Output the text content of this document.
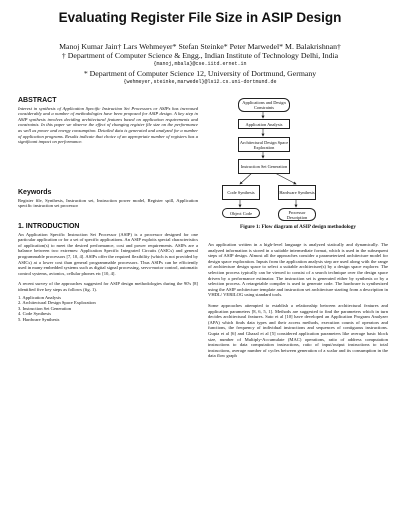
Evaluating Register File Size in ASIP Design
Manoj Kumar Jain† Lars Wehmeyer* Stefan Steinke* Peter Marwedel* M. Balakrishnan†
† Department of Computer Science & Engg., Indian Institute of Technology Delhi, India
{manoj,mbala}@cse.iitd.ernet.in
* Department of Computer Science 12, University of Dortmund, Germany
{wehmeyer,steinke,marwedel}@ls12.cs.uni-dortmund.de
ABSTRACT

Interest in synthesis of Application Specific Instruction Set Processors or ASIPs has increased considerably and a number of methodologies have been proposed for ASIP design. A key step in ASIP synthesis involves deciding architectural features based on application requirements and constraints. In this paper we observe the effect of changing register file size on the performance as well as power and energy consumption. Detailed data is generated and analyzed for a number of application programs. Results indicate that choice of an appropriate number of registers has a significant impact on performance.

Keywords

Register file, Synthesis, Instruction set, Instruction power model, Register spill, Application specific instruction set processor

1. INTRODUCTION

An Application Specific Instruction Set Processor (ASIP) is a processor designed for one particular application or for a set of specific applications. An ASIP exploits special characteristics of application(s) to meet the desired performance, cost and power requirements. ASIPs are a balance between two extremes: Application Specific Integrated Circuits (ASICs) and general programmable processors [7, 10, 4]. ASIPs offer the required flexibility (which is not provided by ASICs) at a lower cost than general programmable processors. Thus ASIPs can be efficiently used in many embedded systems such as digital signal processing, servo-motor control, automatic control systems, avionics, cellular phones etc [10, 4].

A recent survey of the approaches suggested for ASIP design methodologies during the 90's [8] identified five key steps as follows (fig. 1).

1. Application Analysis
2. Architectural Design Space Exploration
3. Instruction Set Generation
4. Code Synthesis
5. Hardware Synthesis
Applications and Design Constraints
Application Analysis
Architectural Design Space Exploration
Instruction Set Generation
Code Synthesis	Hardware Synthesis
Object Code	Processor Description
Figure 1: Flow diagram of ASIP design methodology

An application written in a high-level language is analyzed statically and dynamically. The analyzed information is stored in a suitable intermediate format, which is used in the subsequent steps of ASIP design. Almost all the approaches consider a parameterized architecture model for design space exploration. Inputs from the application analysis step are used along with the range of architecture design space to select a suitable architecture(s) by a design space explorer. The selection process typically can be viewed to consist of a search technique over the design space driven by a performance estimator. The instruction set is generated either by synthesis or by a selection process. A retargetable compiler is used to generate code. The hardware is synthesized using the ASIP architecture template and instruction set architecture starting from a description in VHDL/ VERILOG using standard tools.

Some approaches attempted to establish a relationship between architectural features and application parameters [8, 6, 5, 1]. Methods are suggested to find the parameters which in turn decides architectural features. Sato et al [10] have developed an Application Program Analyzer (APA) which finds data types and their access methods, execution counts of operators and functions, the frequency of individual instructions and sequences of contiguous instructions. Gupta et al [6] and Ghazal et al [5] considered application parameters like average basic block size, number of Multiply-Accumulate (MAC) operations, ratio of address computation instructions to data computation instructions, ratio of input/output instructions to total instructions, average number of cycles between generation of a scalar and its consumption in the data flow graph
